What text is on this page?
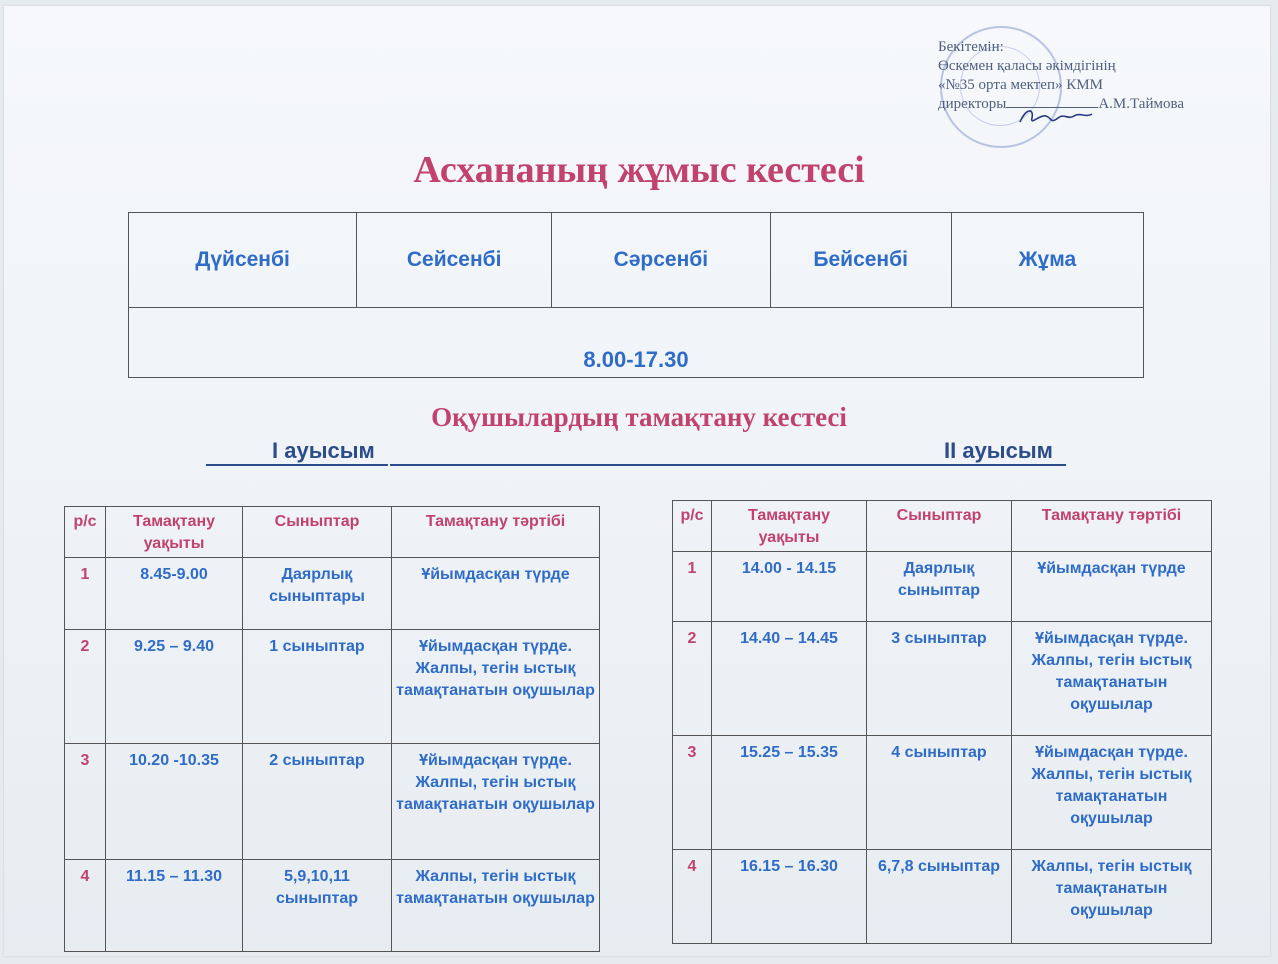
Бекітемін:
Өскемен қаласы әкімдігінің
«№35 орта мектеп» КММ
директоры	А.М.Таймова
Асхананың жұмыс кестесі
Дүйсенбі	Сейсенбі	Сәрсенбі	Бейсенбі	Жұма
8.00-17.30
Оқушылардың тамақтану кестесі
I ауысым	II ауысым
р/с	Тамақтану уақыты	Сыныптар	Тамақтану тәртібі
1	8.45-9.00	Даярлық сыныптары	Ұйымдасқан түрде
2	9.25 – 9.40	1 сыныптар	Ұйымдасқан түрде. Жалпы, тегін ыстық тамақтанатын оқушылар
3	10.20 -10.35	2 сыныптар	Ұйымдасқан түрде. Жалпы, тегін ыстық тамақтанатын оқушылар
4	11.15 – 11.30	5,9,10,11 сыныптар	Жалпы, тегін ыстық тамақтанатын оқушылар
р/с	Тамақтану уақыты	Сыныптар	Тамақтану тәртібі
1	14.00 - 14.15	Даярлық сыныптар	Ұйымдасқан түрде
2	14.40 – 14.45	3 сыныптар	Ұйымдасқан түрде. Жалпы, тегін ыстық тамақтанатын оқушылар
3	15.25 – 15.35	4 сыныптар	Ұйымдасқан түрде. Жалпы, тегін ыстық тамақтанатын оқушылар
4	16.15 – 16.30	6,7,8 сыныптар	Жалпы, тегін ыстық тамақтанатын оқушылар
